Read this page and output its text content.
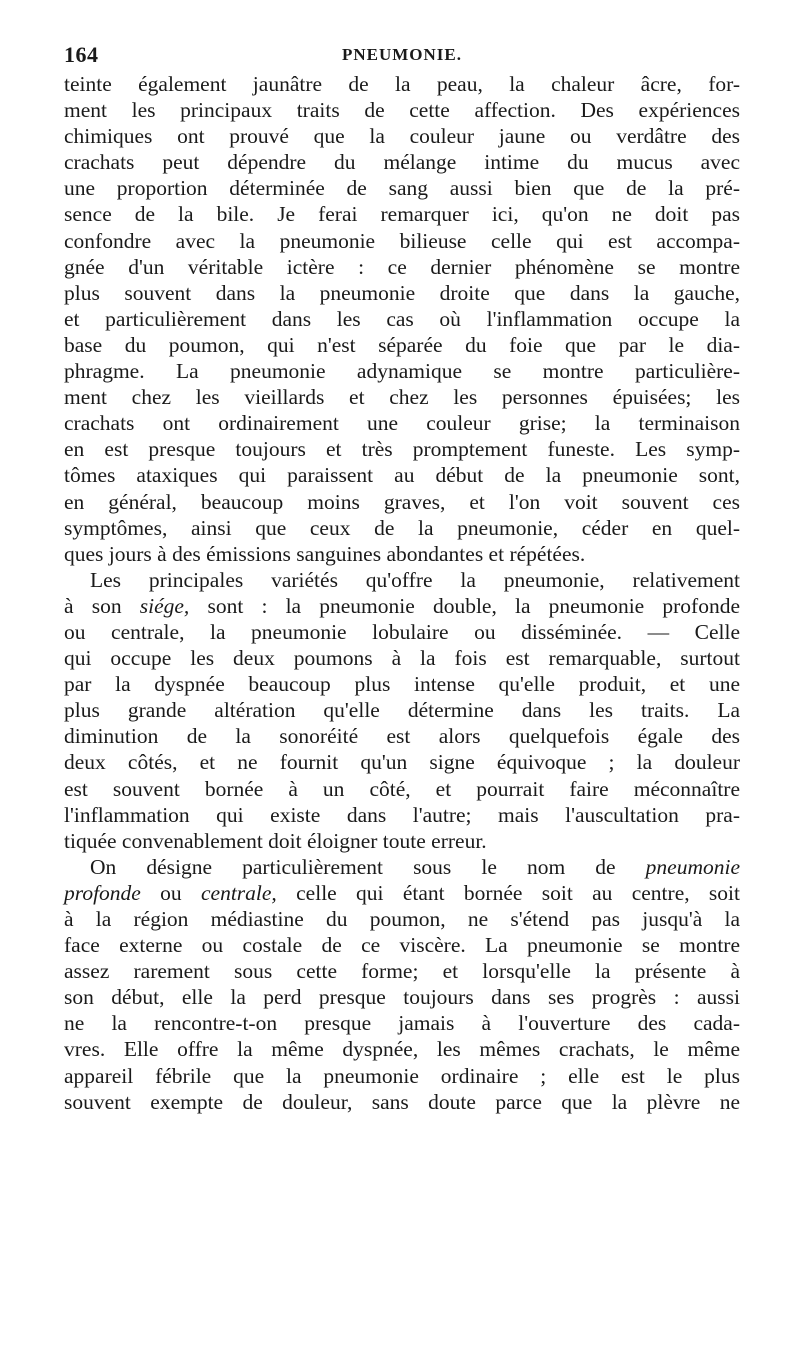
164	PNEUMONIE.
teinte également jaunâtre de la peau, la chaleur âcre, for-
ment les principaux traits de cette affection. Des expériences
chimiques ont prouvé que la couleur jaune ou verdâtre des
crachats peut dépendre du mélange intime du mucus avec
une proportion déterminée de sang aussi bien que de la pré-
sence de la bile. Je ferai remarquer ici, qu'on ne doit pas
confondre avec la pneumonie bilieuse celle qui est accompa-
gnée d'un véritable ictère : ce dernier phénomène se montre
plus souvent dans la pneumonie droite que dans la gauche,
et particulièrement dans les cas où l'inflammation occupe la
base du poumon, qui n'est séparée du foie que par le dia-
phragme. La pneumonie adynamique se montre particulière-
ment chez les vieillards et chez les personnes épuisées; les
crachats ont ordinairement une couleur grise; la terminaison
en est presque toujours et très promptement funeste. Les symp-
tômes ataxiques qui paraissent au début de la pneumonie sont,
en général, beaucoup moins graves, et l'on voit souvent ces
symptômes, ainsi que ceux de la pneumonie, céder en quel-
ques jours à des émissions sanguines abondantes et répétées.
Les principales variétés qu'offre la pneumonie, relativement
à son siége, sont : la pneumonie double, la pneumonie profonde
ou centrale, la pneumonie lobulaire ou disséminée. — Celle
qui occupe les deux poumons à la fois est remarquable, surtout
par la dyspnée beaucoup plus intense qu'elle produit, et une
plus grande altération qu'elle détermine dans les traits. La
diminution de la sonoréité est alors quelquefois égale des
deux côtés, et ne fournit qu'un signe équivoque ; la douleur
est souvent bornée à un côté, et pourrait faire méconnaître
l'inflammation qui existe dans l'autre; mais l'auscultation pra-
tiquée convenablement doit éloigner toute erreur.
On désigne particulièrement sous le nom de pneumonie
profonde ou centrale, celle qui étant bornée soit au centre, soit
à la région médiastine du poumon, ne s'étend pas jusqu'à la
face externe ou costale de ce viscère. La pneumonie se montre
assez rarement sous cette forme; et lorsqu'elle la présente à
son début, elle la perd presque toujours dans ses progrès : aussi
ne la rencontre-t-on presque jamais à l'ouverture des cada-
vres. Elle offre la même dyspnée, les mêmes crachats, le même
appareil fébrile que la pneumonie ordinaire ; elle est le plus
souvent exempte de douleur, sans doute parce que la plèvre ne
